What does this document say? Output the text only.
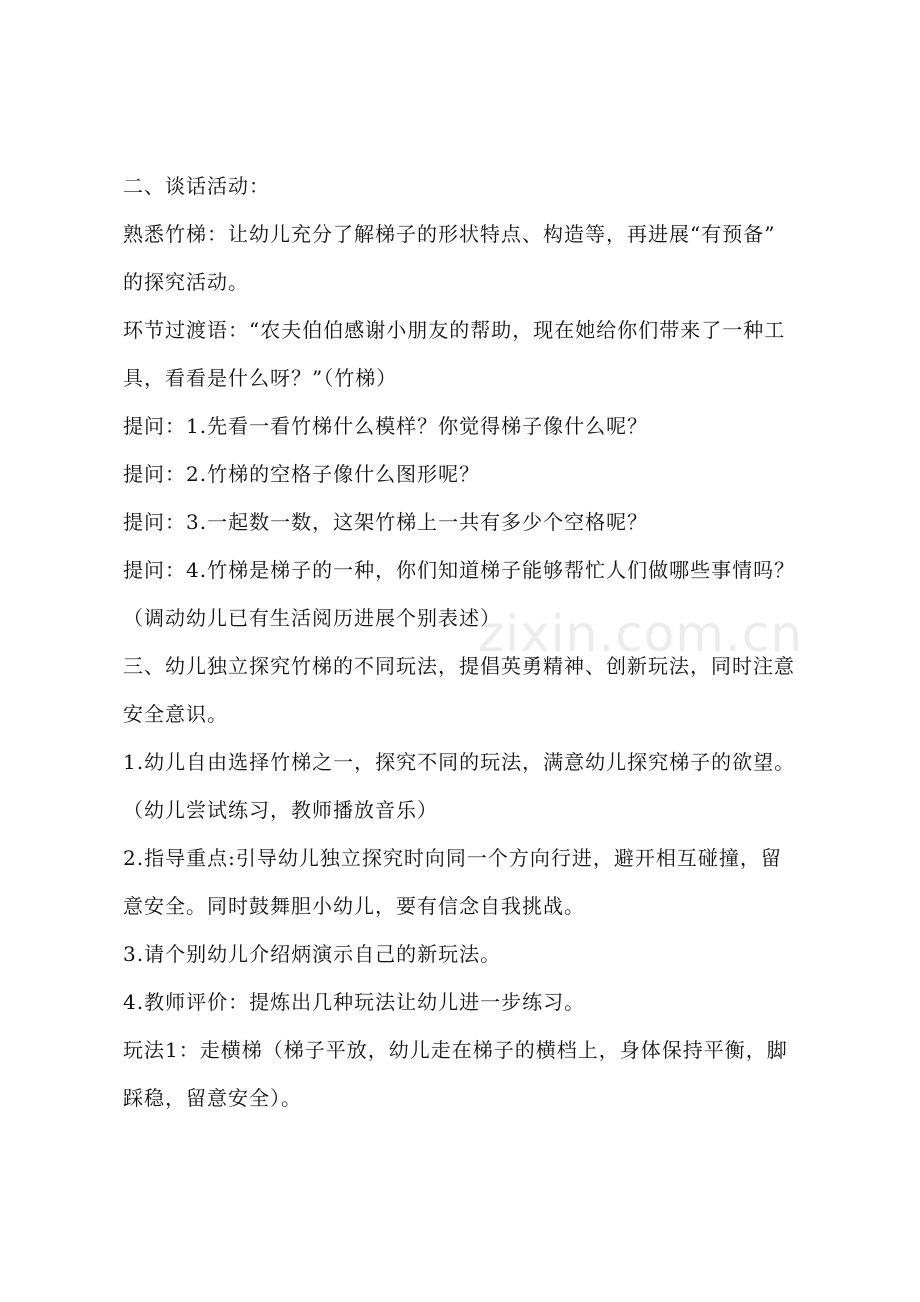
二、谈话活动：

熟悉竹梯：让幼儿充分了解梯子的形状特点、构造等，再进展“有预备”

的探究活动。

环节过渡语：“农夫伯伯感谢小朋友的帮助，现在她给你们带来了一种工

具，看看是什么呀？”（竹梯）

提问：1.先看一看竹梯什么模样？你觉得梯子像什么呢？

提问：2.竹梯的空格子像什么图形呢？

提问：3.一起数一数，这架竹梯上一共有多少个空格呢？

提问：4.竹梯是梯子的一种，你们知道梯子能够帮忙人们做哪些事情吗？

（调动幼儿已有生活阅历进展个别表述）

三、幼儿独立探究竹梯的不同玩法，提倡英勇精神、创新玩法，同时注意

安全意识。

1.幼儿自由选择竹梯之一，探究不同的玩法，满意幼儿探究梯子的欲望。

（幼儿尝试练习，教师播放音乐）

2.指导重点:引导幼儿独立探究时向同一个方向行进，避开相互碰撞，留

意安全。同时鼓舞胆小幼儿，要有信念自我挑战。

3.请个别幼儿介绍炳演示自己的新玩法。

4.教师评价：提炼出几种玩法让幼儿进一步练习。

玩法1：走横梯（梯子平放，幼儿走在梯子的横档上，身体保持平衡，脚

踩稳，留意安全）。

zixin.com.cn
